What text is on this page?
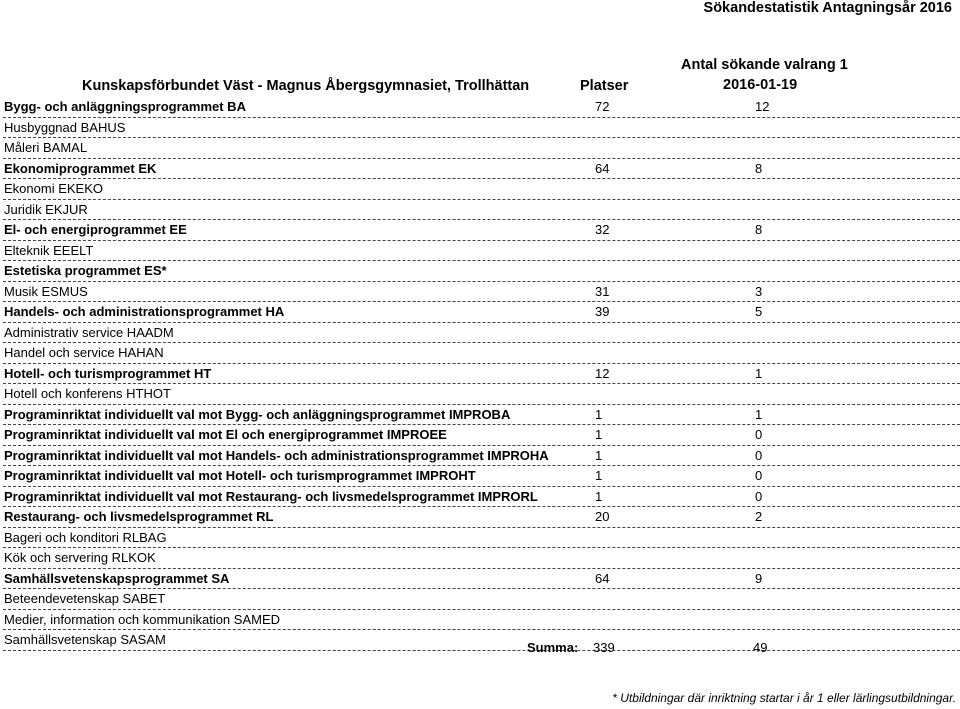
Sökandestatistik Antagningsår 2016
Kunskapsförbundet Väst - Magnus Åbergsgymnasiet, Trollhättan	Platser
Antal sökande valrang 1
2016-01-19
Bygg- och anläggningsprogrammet BA	72	12
Husbyggnad BAHUS
Måleri BAMAL
Ekonomiprogrammet EK	64	8
Ekonomi EKEKO
Juridik EKJUR
El- och energiprogrammet EE	32	8
Elteknik EEELT
Estetiska programmet ES*
Musik ESMUS	31	3
Handels- och administrationsprogrammet HA	39	5
Administrativ service HAADM
Handel och service HAHAN
Hotell- och turismprogrammet HT	12	1
Hotell och konferens HTHOT
Programinriktat individuellt val mot Bygg- och anläggningsprogrammet IMPROBA	1	1
Programinriktat individuellt val mot El och energiprogrammet IMPROEE	1	0
Programinriktat individuellt val mot Handels- och administrationsprogrammet IMPROHA	1	0
Programinriktat individuellt val mot Hotell- och turismprogrammet IMPROHT	1	0
Programinriktat individuellt val mot Restaurang- och livsmedelsprogrammet IMPRORL	1	0
Restaurang- och livsmedelsprogrammet RL	20	2
Bageri och konditori RLBAG
Kök och servering RLKOK
Samhällsvetenskapsprogrammet SA	64	9
Beteendevetenskap SABET
Medier, information och kommunikation SAMED
Samhällsvetenskap SASAM
Summa: 339	49
* Utbildningar där inriktning startar i år 1 eller lärlingsutbildningar.
